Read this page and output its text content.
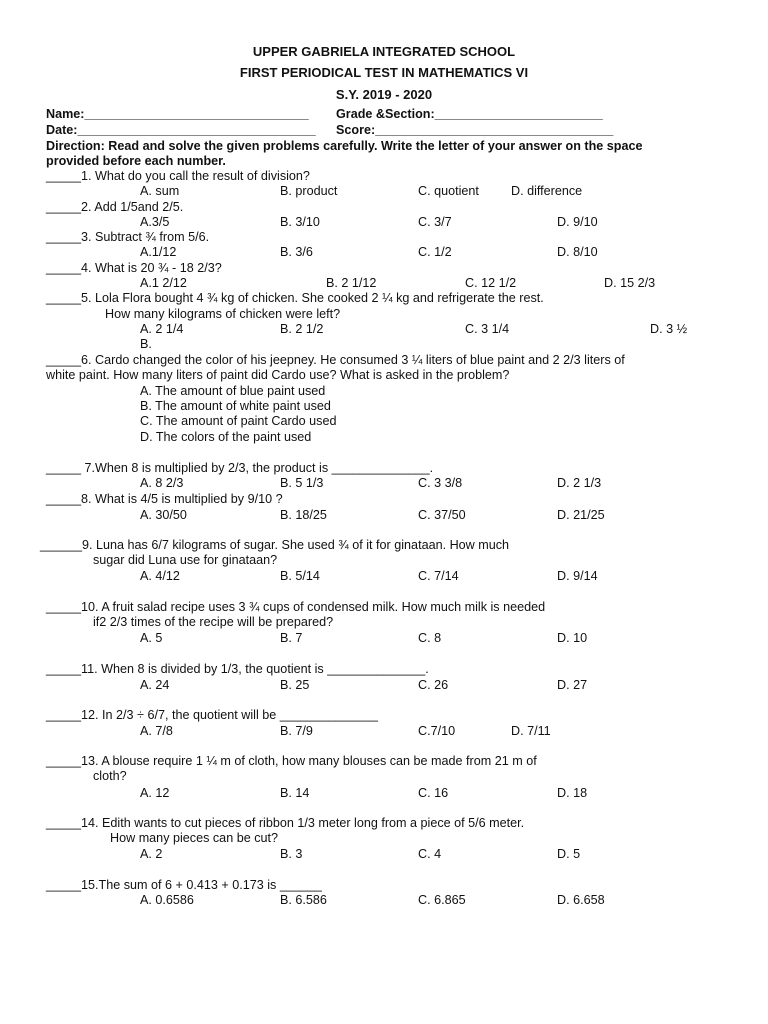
UPPER GABRIELA INTEGRATED SCHOOL
FIRST PERIODICAL TEST IN MATHEMATICS VI
S.Y. 2019 - 2020
Name:________________________________ Grade &Section:________________________
Date:__________________________________ Score:__________________________________
Direction: Read and solve the given problems carefully. Write the letter of your answer on the space
provided before each number.
_____1. What do you call the result of division?
A. sum	B. product	C. quotient	D. difference
_____2. Add 1/5and 2/5.
A.3/5	B. 3/10	C. 3/7	D. 9/10
_____3. Subtract ¾ from 5/6.
A.1/12	B. 3/6	C. 1/2	D. 8/10
_____4. What is 20 ¾ - 18 2/3?
A.1 2/12	B. 2 1/12	C. 12 1/2	D. 15 2/3
_____5. Lola Flora bought 4 ¾ kg of chicken. She cooked 2 ¼ kg and refrigerate the rest.
How many kilograms of chicken were left?
A. 2 1/4	B. 2 1/2	C. 3 1/4	D. 3 ½
B.
_____6. Cardo changed the color of his jeepney. He consumed 3 ¼ liters of blue paint and 2 2/3 liters of
white paint. How many liters of paint did Cardo use? What is asked in the problem?
A. The amount of blue paint used
B. The amount of white paint used
C. The amount of paint Cardo used
D. The colors of the paint used
_____ 7.When 8 is multiplied by 2/3, the product is ______________.
A. 8 2/3	B. 5 1/3	C. 3 3/8	D. 2 1/3
_____8. What is 4/5 is multiplied by 9/10 ?
A. 30/50	B. 18/25	C. 37/50	D. 21/25
______9. Luna has 6/7 kilograms of sugar. She used ¾ of it for ginataan. How much
sugar did Luna use for ginataan?
A. 4/12	B. 5/14	C. 7/14	D. 9/14
_____10. A fruit salad recipe uses 3 ¾ cups of condensed milk. How much milk is needed
if2 2/3 times of the recipe will be prepared?
A. 5	B. 7	C. 8	D. 10
_____11. When 8 is divided by 1/3, the quotient is ______________.
A. 24	B. 25	C. 26	D. 27
_____12. In 2/3 ÷ 6/7, the quotient will be ______________
A. 7/8	B. 7/9	C.7/10	D. 7/11
_____13. A blouse require 1 ¼ m of cloth, how many blouses can be made from 21 m of
cloth?
A. 12	B. 14	C. 16	D. 18
_____14. Edith wants to cut pieces of ribbon 1/3 meter long from a piece of 5/6 meter.
How many pieces can be cut?
A. 2	B. 3	C. 4	D. 5
_____15.The sum of 6 + 0.413 + 0.173 is ______
A. 0.6586	B. 6.586	C. 6.865	D. 6.658
